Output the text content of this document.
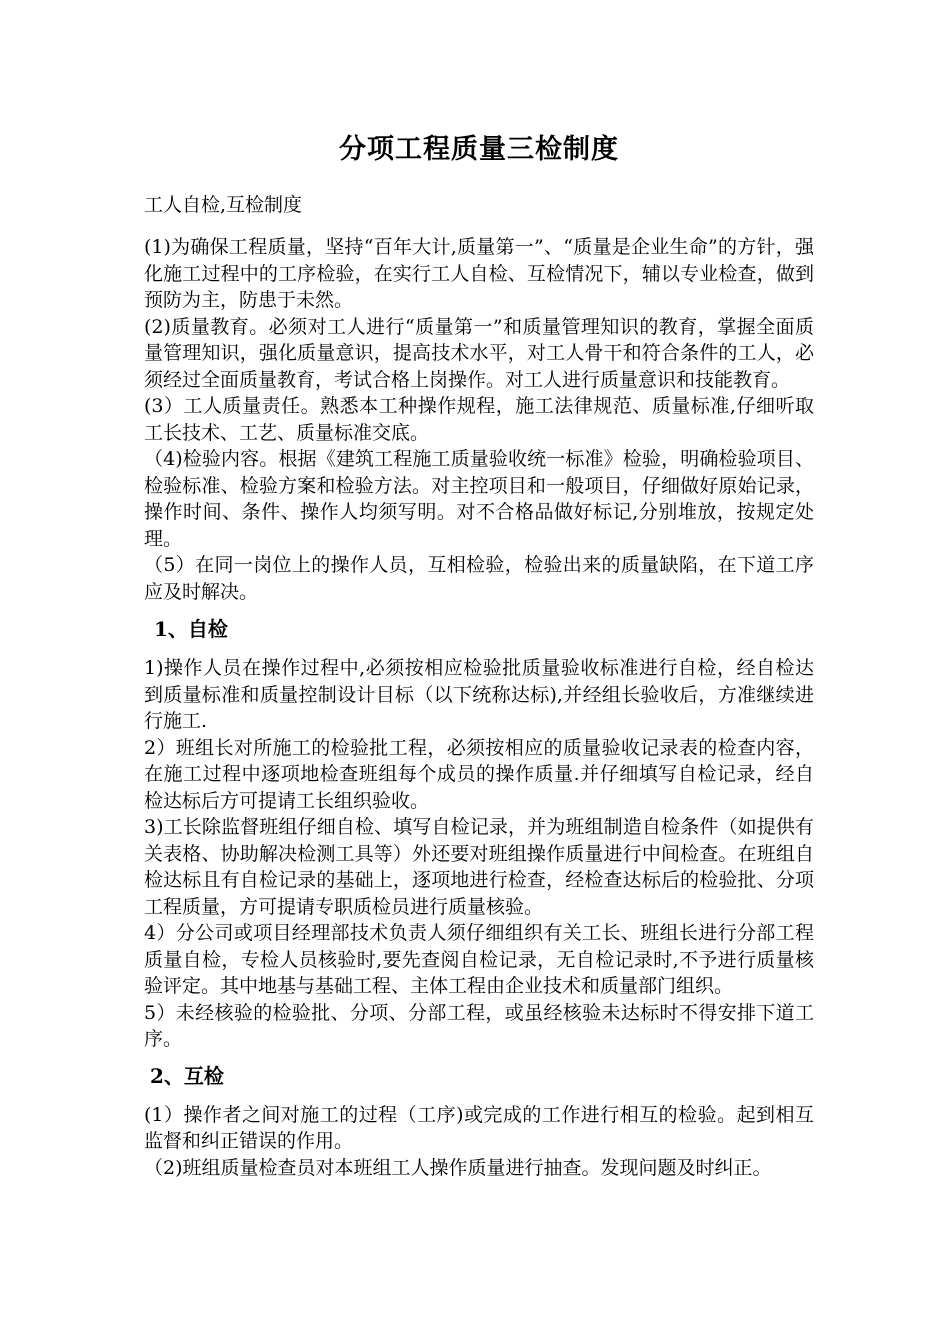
分项工程质量三检制度
工人自检,互检制度

(1)为确保工程质量，坚持“百年大计,质量第一”、“质量是企业生命”的方针，强化施工过程中的工序检验，在实行工人自检、互检情况下，辅以专业检查，做到预防为主，防患于未然。

(2)质量教育。必须对工人进行“质量第一”和质量管理知识的教育，掌握全面质量管理知识，强化质量意识，提高技术水平，对工人骨干和符合条件的工人，必须经过全面质量教育，考试合格上岗操作。对工人进行质量意识和技能教育。

(3）工人质量责任。熟悉本工种操作规程，施工法律规范、质量标准,仔细听取工长技术、工艺、质量标准交底。

（4)检验内容。根据《建筑工程施工质量验收统一标准》检验，明确检验项目、检验标准、检验方案和检验方法。对主控项目和一般项目，仔细做好原始记录，操作时间、条件、操作人均须写明。对不合格品做好标记,分别堆放，按规定处理。

（5）在同一岗位上的操作人员，互相检验，检验出来的质量缺陷，在下道工序应及时解决。

1、自检

1)操作人员在操作过程中,必须按相应检验批质量验收标准进行自检，经自检达到质量标准和质量控制设计目标（以下统称达标),并经组长验收后，方准继续进行施工.

2）班组长对所施工的检验批工程，必须按相应的质量验收记录表的检查内容，在施工过程中逐项地检查班组每个成员的操作质量.并仔细填写自检记录，经自检达标后方可提请工长组织验收。

3)工长除监督班组仔细自检、填写自检记录，并为班组制造自检条件（如提供有关表格、协助解决检测工具等）外还要对班组操作质量进行中间检查。在班组自检达标且有自检记录的基础上，逐项地进行检查，经检查达标后的检验批、分项工程质量，方可提请专职质检员进行质量核验。

4）分公司或项目经理部技术负责人须仔细组织有关工长、班组长进行分部工程质量自检，专检人员核验时,要先查阅自检记录，无自检记录时,不予进行质量核验评定。其中地基与基础工程、主体工程由企业技术和质量部门组织。

5）未经核验的检验批、分项、分部工程，或虽经核验未达标时不得安排下道工序。

2、互检

(1）操作者之间对施工的过程（工序)或完成的工作进行相互的检验。起到相互监督和纠正错误的作用。

（2)班组质量检查员对本班组工人操作质量进行抽查。发现问题及时纠正。
